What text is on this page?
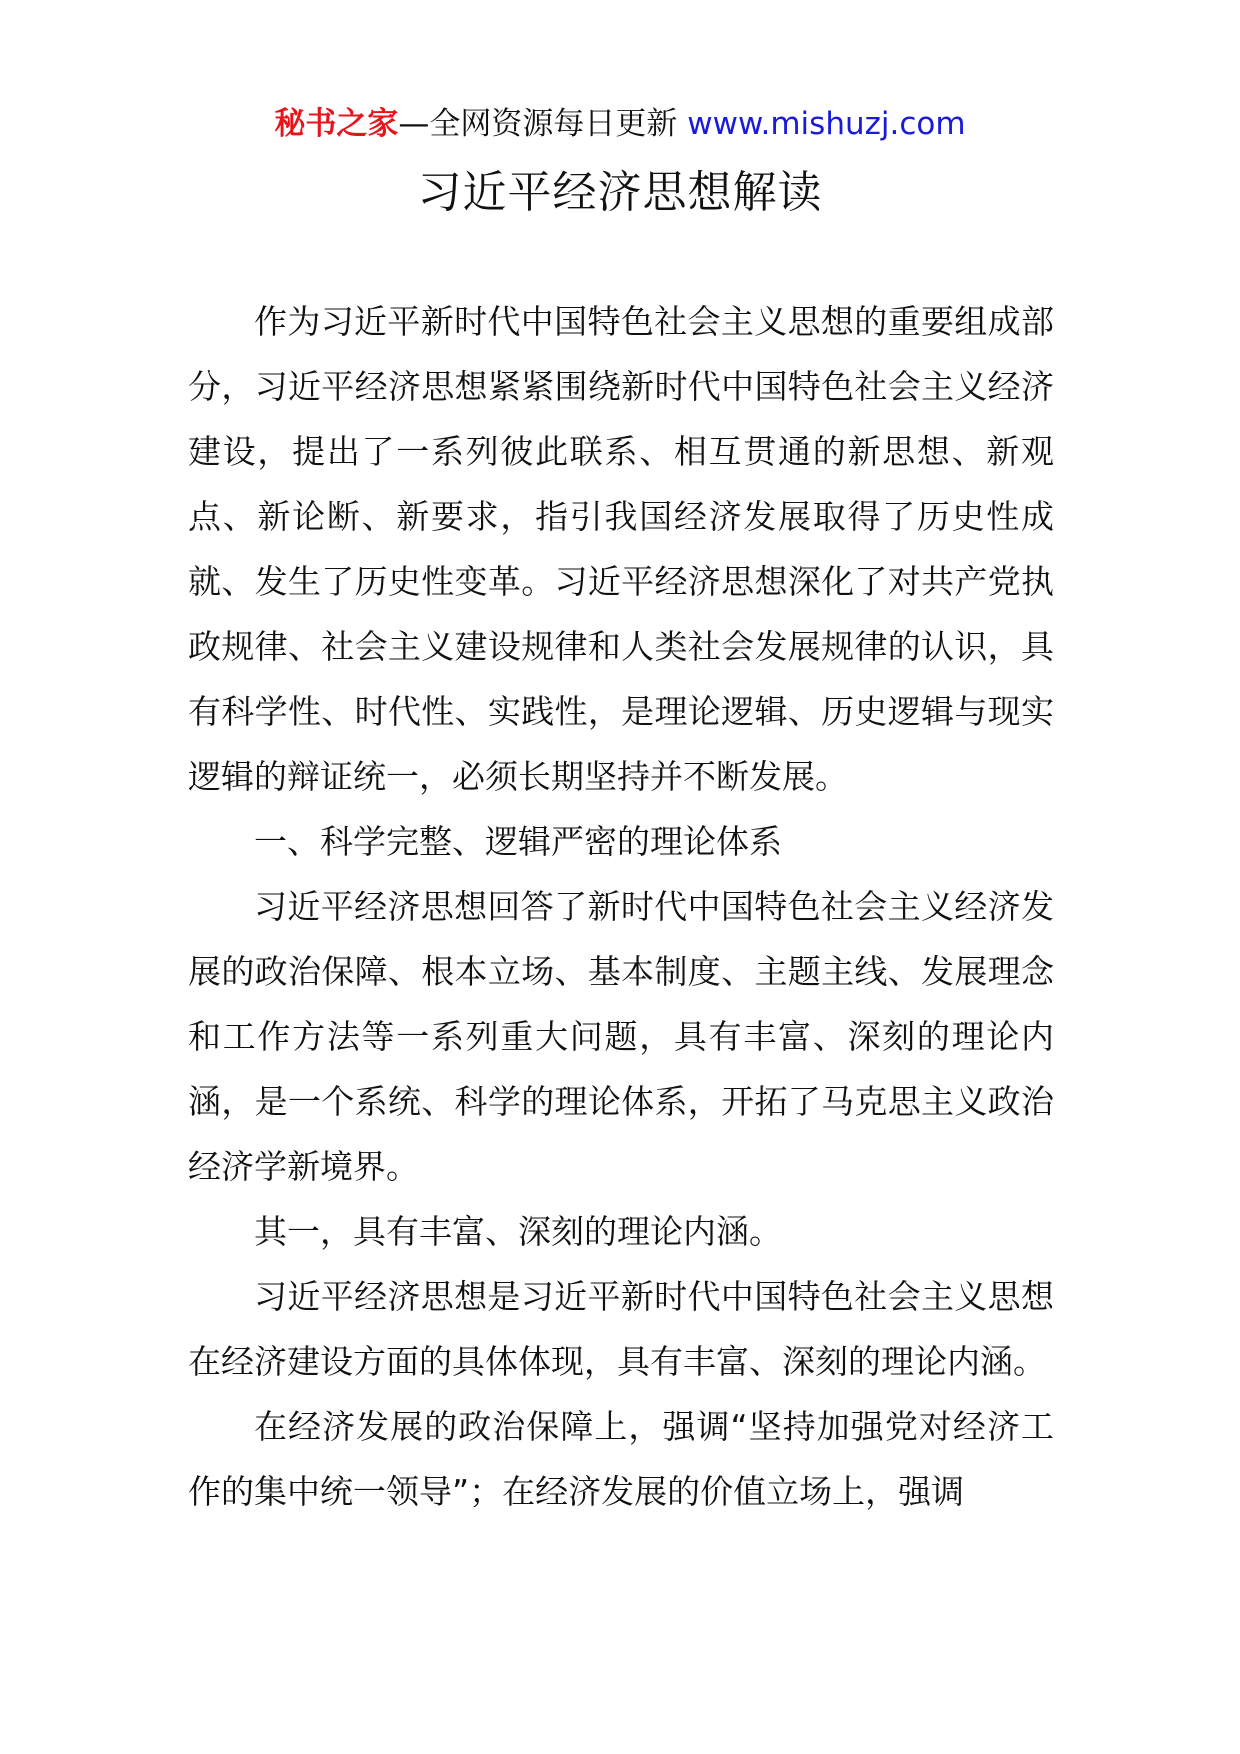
秘书之家—全网资源每日更新 www.mishuzj.com
习近平经济思想解读

作为习近平新时代中国特色社会主义思想的重要组成部分，习近平经济思想紧紧围绕新时代中国特色社会主义经济建设，提出了一系列彼此联系、相互贯通的新思想、新观点、新论断、新要求，指引我国经济发展取得了历史性成就、发生了历史性变革。习近平经济思想深化了对共产党执政规律、社会主义建设规律和人类社会发展规律的认识，具有科学性、时代性、实践性，是理论逻辑、历史逻辑与现实逻辑的辩证统一，必须长期坚持并不断发展。

一、科学完整、逻辑严密的理论体系

习近平经济思想回答了新时代中国特色社会主义经济发展的政治保障、根本立场、基本制度、主题主线、发展理念和工作方法等一系列重大问题，具有丰富、深刻的理论内涵，是一个系统、科学的理论体系，开拓了马克思主义政治经济学新境界。

其一，具有丰富、深刻的理论内涵。

习近平经济思想是习近平新时代中国特色社会主义思想在经济建设方面的具体体现，具有丰富、深刻的理论内涵。

在经济发展的政治保障上，强调“坚持加强党对经济工作的集中统一领导”；在经济发展的价值立场上，强调
